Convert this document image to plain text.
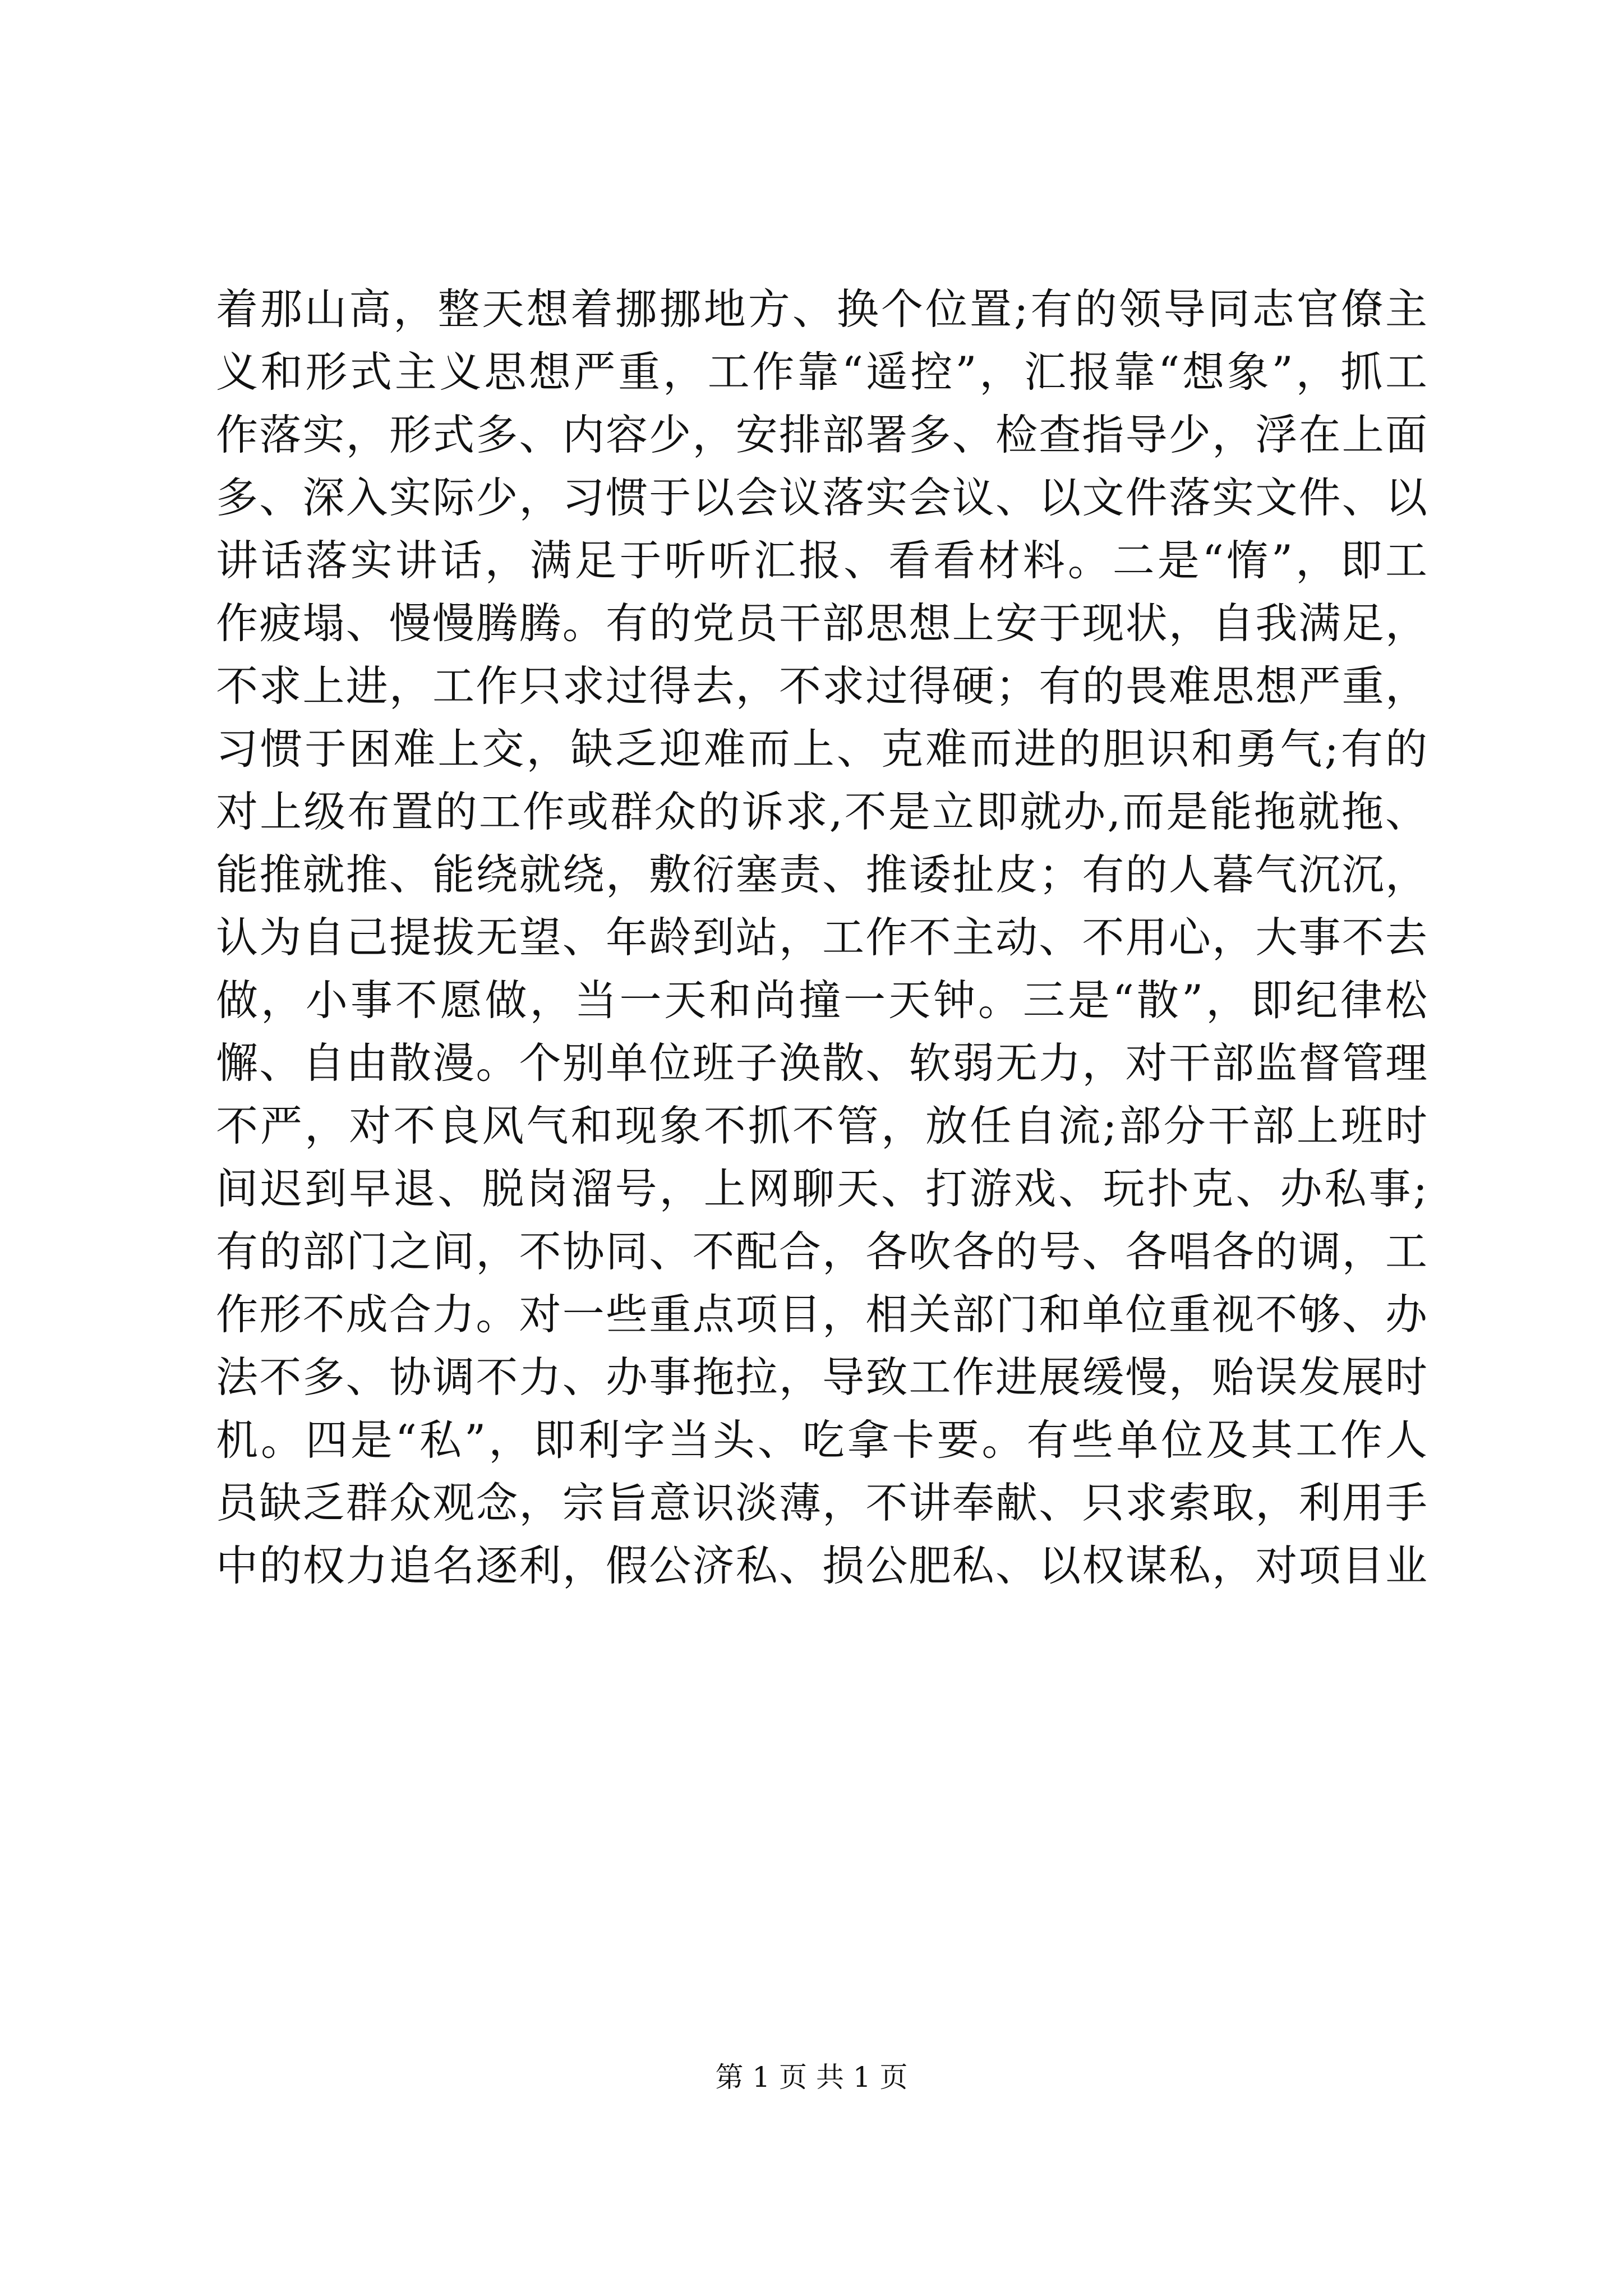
着那山高，整天想着挪挪地方、换个位置;有的领导同志官僚主
义和形式主义思想严重，工作靠“遥控”，汇报靠“想象”，抓工
作落实，形式多、内容少，安排部署多、检查指导少，浮在上面
多、深入实际少，习惯于以会议落实会议、以文件落实文件、以
讲话落实讲话，满足于听听汇报、看看材料。二是“惰”，即工
作疲塌、慢慢腾腾。有的党员干部思想上安于现状，自我满足，
不求上进，工作只求过得去，不求过得硬；有的畏难思想严重，
习惯于困难上交，缺乏迎难而上、克难而进的胆识和勇气;有的
对上级布置的工作或群众的诉求,不是立即就办,而是能拖就拖、
能推就推、能绕就绕，敷衍塞责、推诿扯皮；有的人暮气沉沉，
认为自己提拔无望、年龄到站，工作不主动、不用心，大事不去
做，小事不愿做，当一天和尚撞一天钟。三是“散”，即纪律松
懈、自由散漫。个别单位班子涣散、软弱无力，对干部监督管理
不严，对不良风气和现象不抓不管，放任自流;部分干部上班时
间迟到早退、脱岗溜号，上网聊天、打游戏、玩扑克、办私事;
有的部门之间，不协同、不配合，各吹各的号、各唱各的调，工
作形不成合力。对一些重点项目，相关部门和单位重视不够、办
法不多、协调不力、办事拖拉，导致工作进展缓慢，贻误发展时
机。四是“私”，即利字当头、吃拿卡要。有些单位及其工作人
员缺乏群众观念，宗旨意识淡薄，不讲奉献、只求索取，利用手
中的权力追名逐利，假公济私、损公肥私、以权谋私，对项目业
第 1 页 共 1 页
